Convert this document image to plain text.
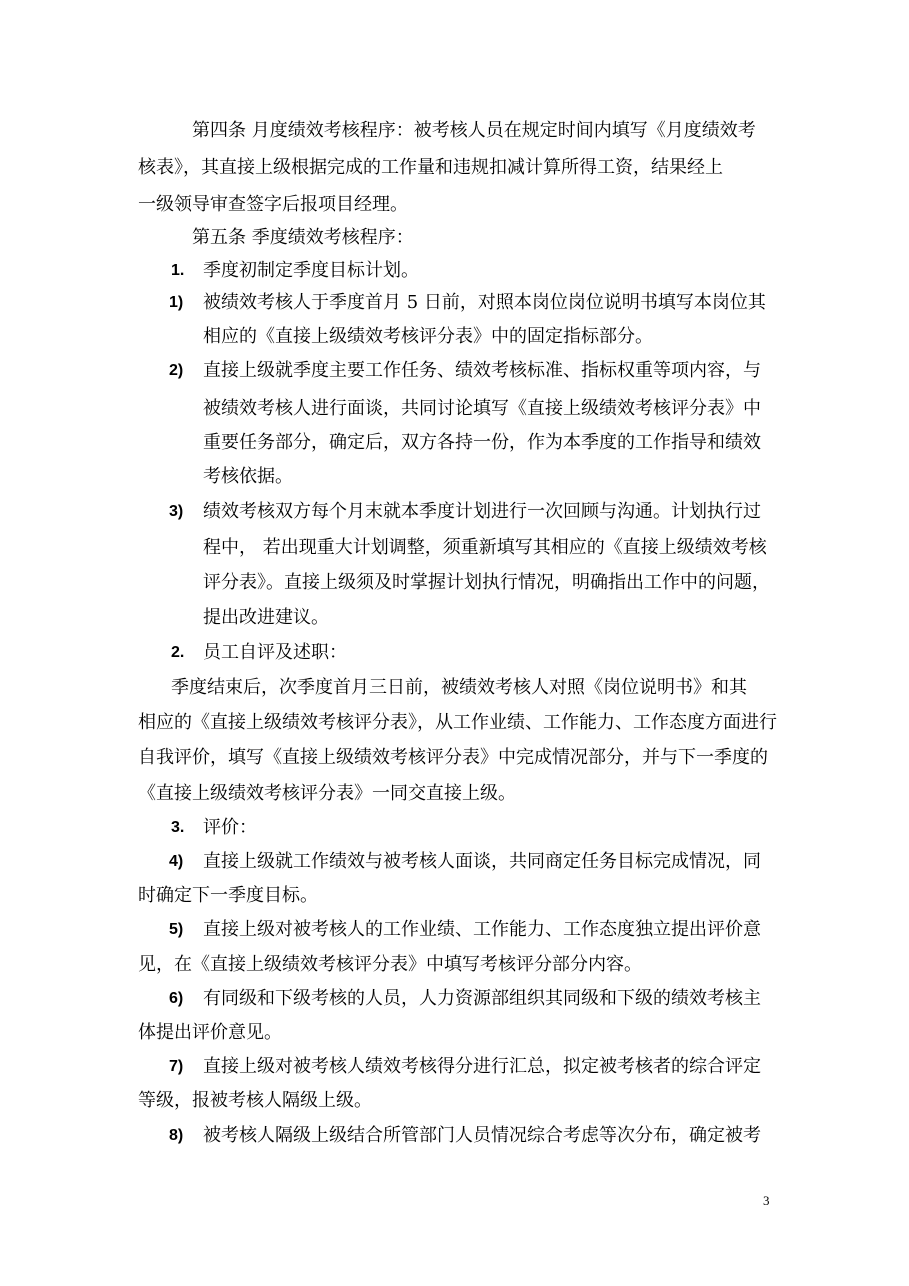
第四条 月度绩效考核程序：被考核人员在规定时间内填写《月度绩效考
核表》，其直接上级根据完成的工作量和违规扣减计算所得工资，结果经上
一级领导审查签字后报项目经理。
第五条 季度绩效考核程序：
1. 季度初制定季度目标计划。
1) 被绩效考核人于季度首月 5 日前，对照本岗位岗位说明书填写本岗位其
相应的《直接上级绩效考核评分表》中的固定指标部分。
2) 直接上级就季度主要工作任务、绩效考核标准、指标权重等项内容，与
被绩效考核人进行面谈，共同讨论填写《直接上级绩效考核评分表》中
重要任务部分，确定后，双方各持一份，作为本季度的工作指导和绩效
考核依据。
3) 绩效考核双方每个月末就本季度计划进行一次回顾与沟通。计划执行过
程中， 若出现重大计划调整，须重新填写其相应的《直接上级绩效考核
评分表》。直接上级须及时掌握计划执行情况，明确指出工作中的问题，
提出改进建议。
2. 员工自评及述职：
季度结束后，次季度首月三日前，被绩效考核人对照《岗位说明书》和其
相应的《直接上级绩效考核评分表》，从工作业绩、工作能力、工作态度方面进行
自我评价，填写《直接上级绩效考核评分表》中完成情况部分，并与下一季度的
《直接上级绩效考核评分表》一同交直接上级。
3. 评价：
4) 直接上级就工作绩效与被考核人面谈，共同商定任务目标完成情况，同
时确定下一季度目标。
5) 直接上级对被考核人的工作业绩、工作能力、工作态度独立提出评价意
见，在《直接上级绩效考核评分表》中填写考核评分部分内容。
6) 有同级和下级考核的人员，人力资源部组织其同级和下级的绩效考核主
体提出评价意见。
7) 直接上级对被考核人绩效考核得分进行汇总，拟定被考核者的综合评定
等级，报被考核人隔级上级。
8) 被考核人隔级上级结合所管部门人员情况综合考虑等次分布，确定被考
3
